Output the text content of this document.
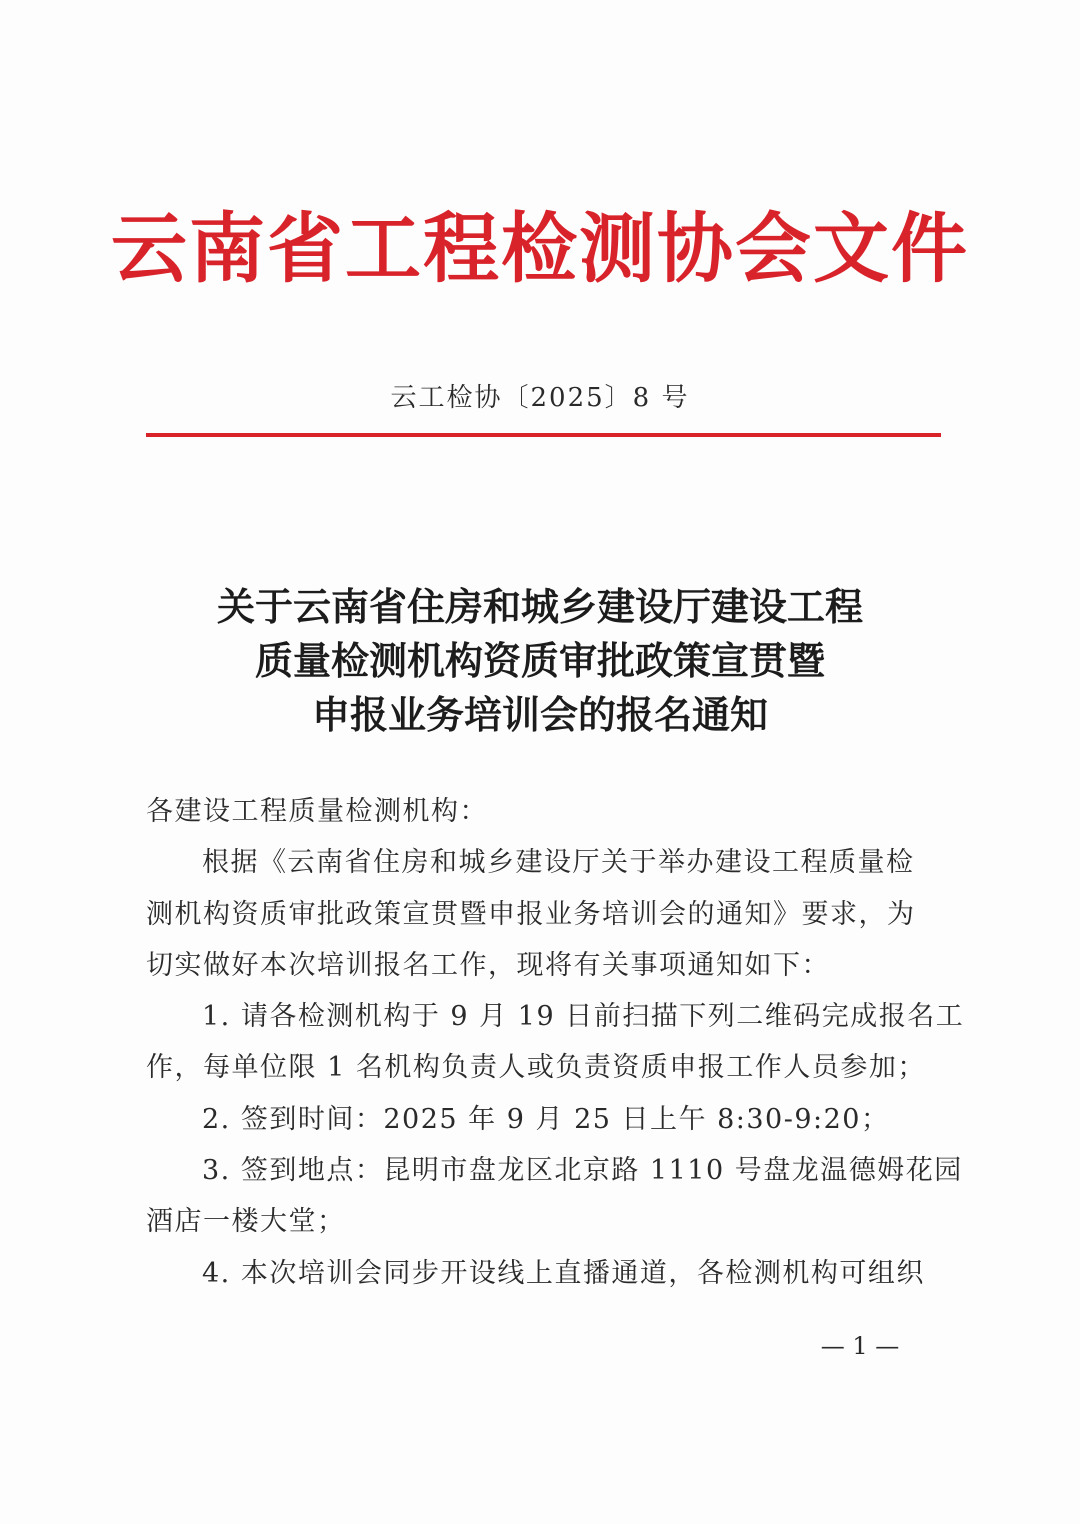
云南省工程检测协会文件
云工检协〔2025〕8 号
关于云南省住房和城乡建设厅建设工程
质量检测机构资质审批政策宣贯暨
申报业务培训会的报名通知
各建设工程质量检测机构：
根据《云南省住房和城乡建设厅关于举办建设工程质量检
测机构资质审批政策宣贯暨申报业务培训会的通知》要求，为
切实做好本次培训报名工作，现将有关事项通知如下：
1. 请各检测机构于 9 月 19 日前扫描下列二维码完成报名工
作，每单位限 1 名机构负责人或负责资质申报工作人员参加；
2. 签到时间：2025 年 9 月 25 日上午 8:30-9:20；
3. 签到地点：昆明市盘龙区北京路 1110 号盘龙温德姆花园
酒店一楼大堂；
4. 本次培训会同步开设线上直播通道，各检测机构可组织
— 1 —
